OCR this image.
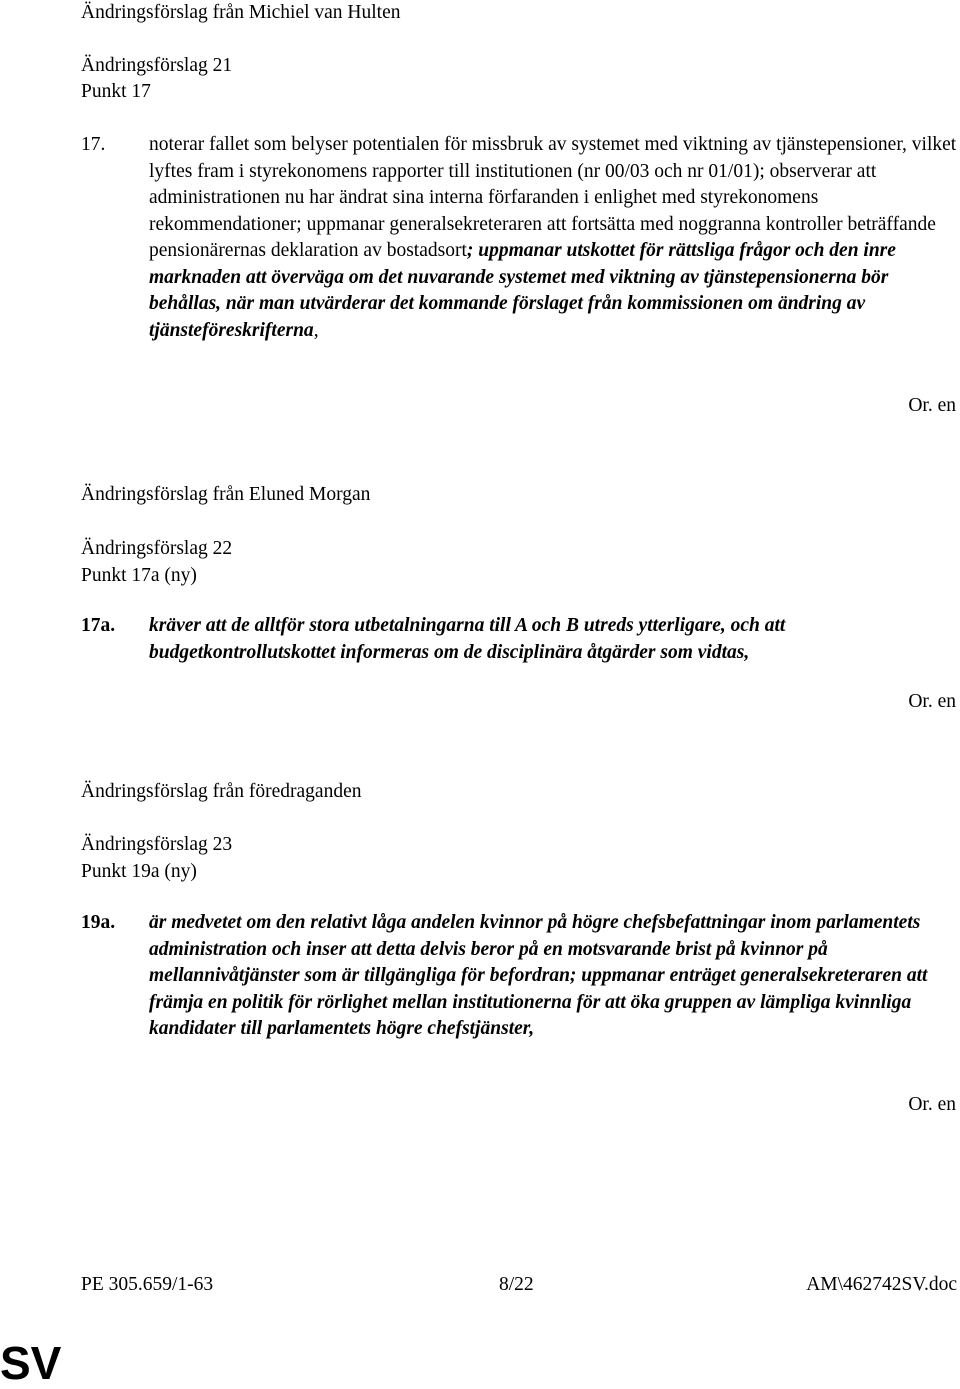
Ändringsförslag från Michiel van Hulten
Ändringsförslag 21
Punkt 17
17. noterar fallet som belyser potentialen för missbruk av systemet med viktning av tjänstepensioner, vilket lyftes fram i styrekonomens rapporter till institutionen (nr 00/03 och nr 01/01); observerar att administrationen nu har ändrat sina interna förfaranden i enlighet med styrekonomens rekommendationer; uppmanar generalsekreteraren att fortsätta med noggranna kontroller beträffande pensionärernas deklaration av bostadsort; uppmanar utskottet för rättsliga frågor och den inre marknaden att överväga om det nuvarande systemet med viktning av tjänstepensionerna bör behållas, när man utvärderar det kommande förslaget från kommissionen om ändring av tjänsteföreskrifterna,
Or. en
Ändringsförslag från Eluned Morgan
Ändringsförslag 22
Punkt 17a (ny)
17a. kräver att de alltför stora utbetalningarna till A och B utreds ytterligare, och att budgetkontrollutskottet informeras om de disciplinära åtgärder som vidtas,
Or. en
Ändringsförslag från föredraganden
Ändringsförslag 23
Punkt 19a (ny)
19a. är medvetet om den relativt låga andelen kvinnor på högre chefsbefattningar inom parlamentets administration och inser att detta delvis beror på en motsvarande brist på kvinnor på mellannivåtjänster som är tillgängliga för befordran; uppmanar enträget generalsekreteraren att främja en politik för rörlighet mellan institutionerna för att öka gruppen av lämpliga kvinnliga kandidater till parlamentets högre chefstjänster,
Or. en
PE 305.659/1-63	8/22	AM\462742SV.doc
SV
